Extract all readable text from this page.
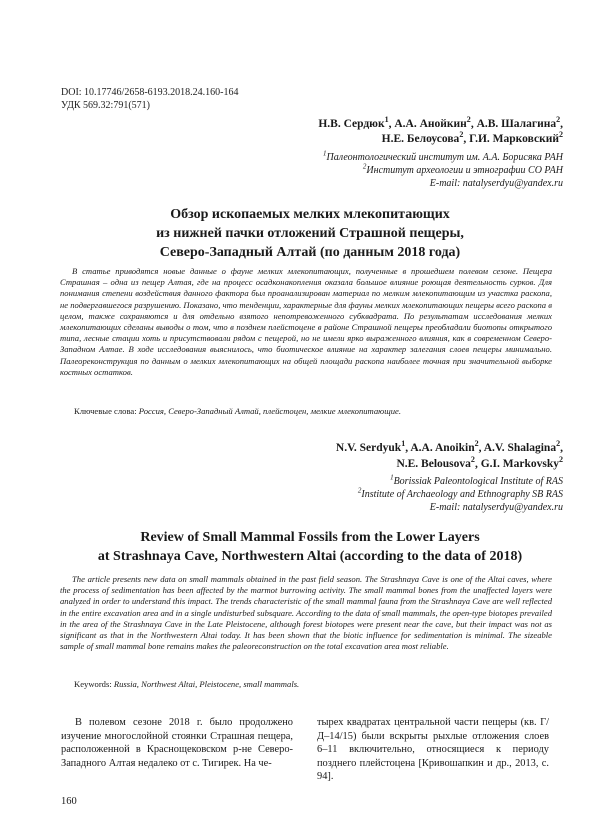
DOI: 10.17746/2658-6193.2018.24.160-164
УДК 569.32:791(571)
Н.В. Сердюк$^1$, А.А. Анойкин$^2$, А.В. Шалагина$^2$,
Н.Е. Белоусова$^2$, Г.И. Марковский$^2$
$^1$Палеонтологический институт им. А.А. Борисяка РАН
$^2$Институт археологии и этнографии СО РАН
E-mail: natalyserdyu@yandex.ru
Обзор ископаемых мелких млекопитающих
из нижней пачки отложений Страшной пещеры,
Северо-Западный Алтай (по данным 2018 года)
В статье приводятся новые данные о фауне мелких млекопитающих, полученные в прошедшем полевом сезоне. Пещера Страшная – одна из пещер Алтая, где на процесс осадконакопления оказала большое влияние роющая деятельность сурков. Для понимания степени воздействия данного фактора был проанализирован материал по мелким млекопитающим из участка раскопа, не подвергавшегося разрушению. Показано, что тенденции, характерные для фауны мелких млекопитающих пещеры всего раскопа в целом, также сохраняются и для отдельно взятого непотревоженного субквадрата. По результатам исследования мелких млекопитающих сделаны выводы о том, что в позднем плейстоцене в районе Страшной пещеры преобладали биотопы открытого типа, лесные стации хоть и присутствовали рядом с пещерой, но не имели ярко выраженного влияния, как в современном Северо-Западном Алтае. В ходе исследования выяснилось, что биотическое влияние на характер залегания слоев пещеры минимально. Палеореконструкция по данным о мелких млекопитающих на общей площади раскопа наиболее точная при значительной выборке костных остатков.
Ключевые слова: Россия, Северо-Западный Алтай, плейстоцен, мелкие млекопитающие.
N.V. Serdyuk$^1$, A.A. Anoikin$^2$, A.V. Shalagina$^2$,
N.E. Belousova$^2$, G.I. Markovsky$^2$
$^1$Borissiak Paleontological Institute of RAS
$^2$Institute of Archaeology and Ethnography SB RAS
E-mail: natalyserdyu@yandex.ru
Review of Small Mammal Fossils from the Lower Layers
at Strashnaya Cave, Northwestern Altai (according to the data of 2018)
The article presents new data on small mammals obtained in the past field season. The Strashnaya Cave is one of the Altai caves, where the process of sedimentation has been affected by the marmot burrowing activity. The small mammal bones from the unaffected layers were analyzed in order to understand this impact. The trends characteristic of the small mammal fauna from the Strashnaya Cave are well reflected in the entire excavation area and in a single undisturbed subsquare. According to the data of small mammals, the open-type biotopes prevailed in the area of the Strashnaya Cave in the Late Pleistocene, although forest biotopes were present near the cave, but their impact was not as significant as that in the Northwestern Altai today. It has been shown that the biotic influence for sedimentation is minimal. The sizeable sample of small mammal bone remains makes the paleoreconstruction on the total excavation area most reliable.
Keywords: Russia, Northwest Altai, Pleistocene, small mammals.
В полевом сезоне 2018 г. было продолжено изучение многослойной стоянки Страшная пещера, расположенной в Краснощековском р-не Северо-Западного Алтая недалеко от с. Тигирек. На че-
тырех квадратах центральной части пещеры (кв. Г/Д–14/15) были вскрыты рыхлые отложения слоев 6–11 включительно, относящиеся к периоду позднего плейстоцена [Кривошапкин и др., 2013, с. 94].
160
